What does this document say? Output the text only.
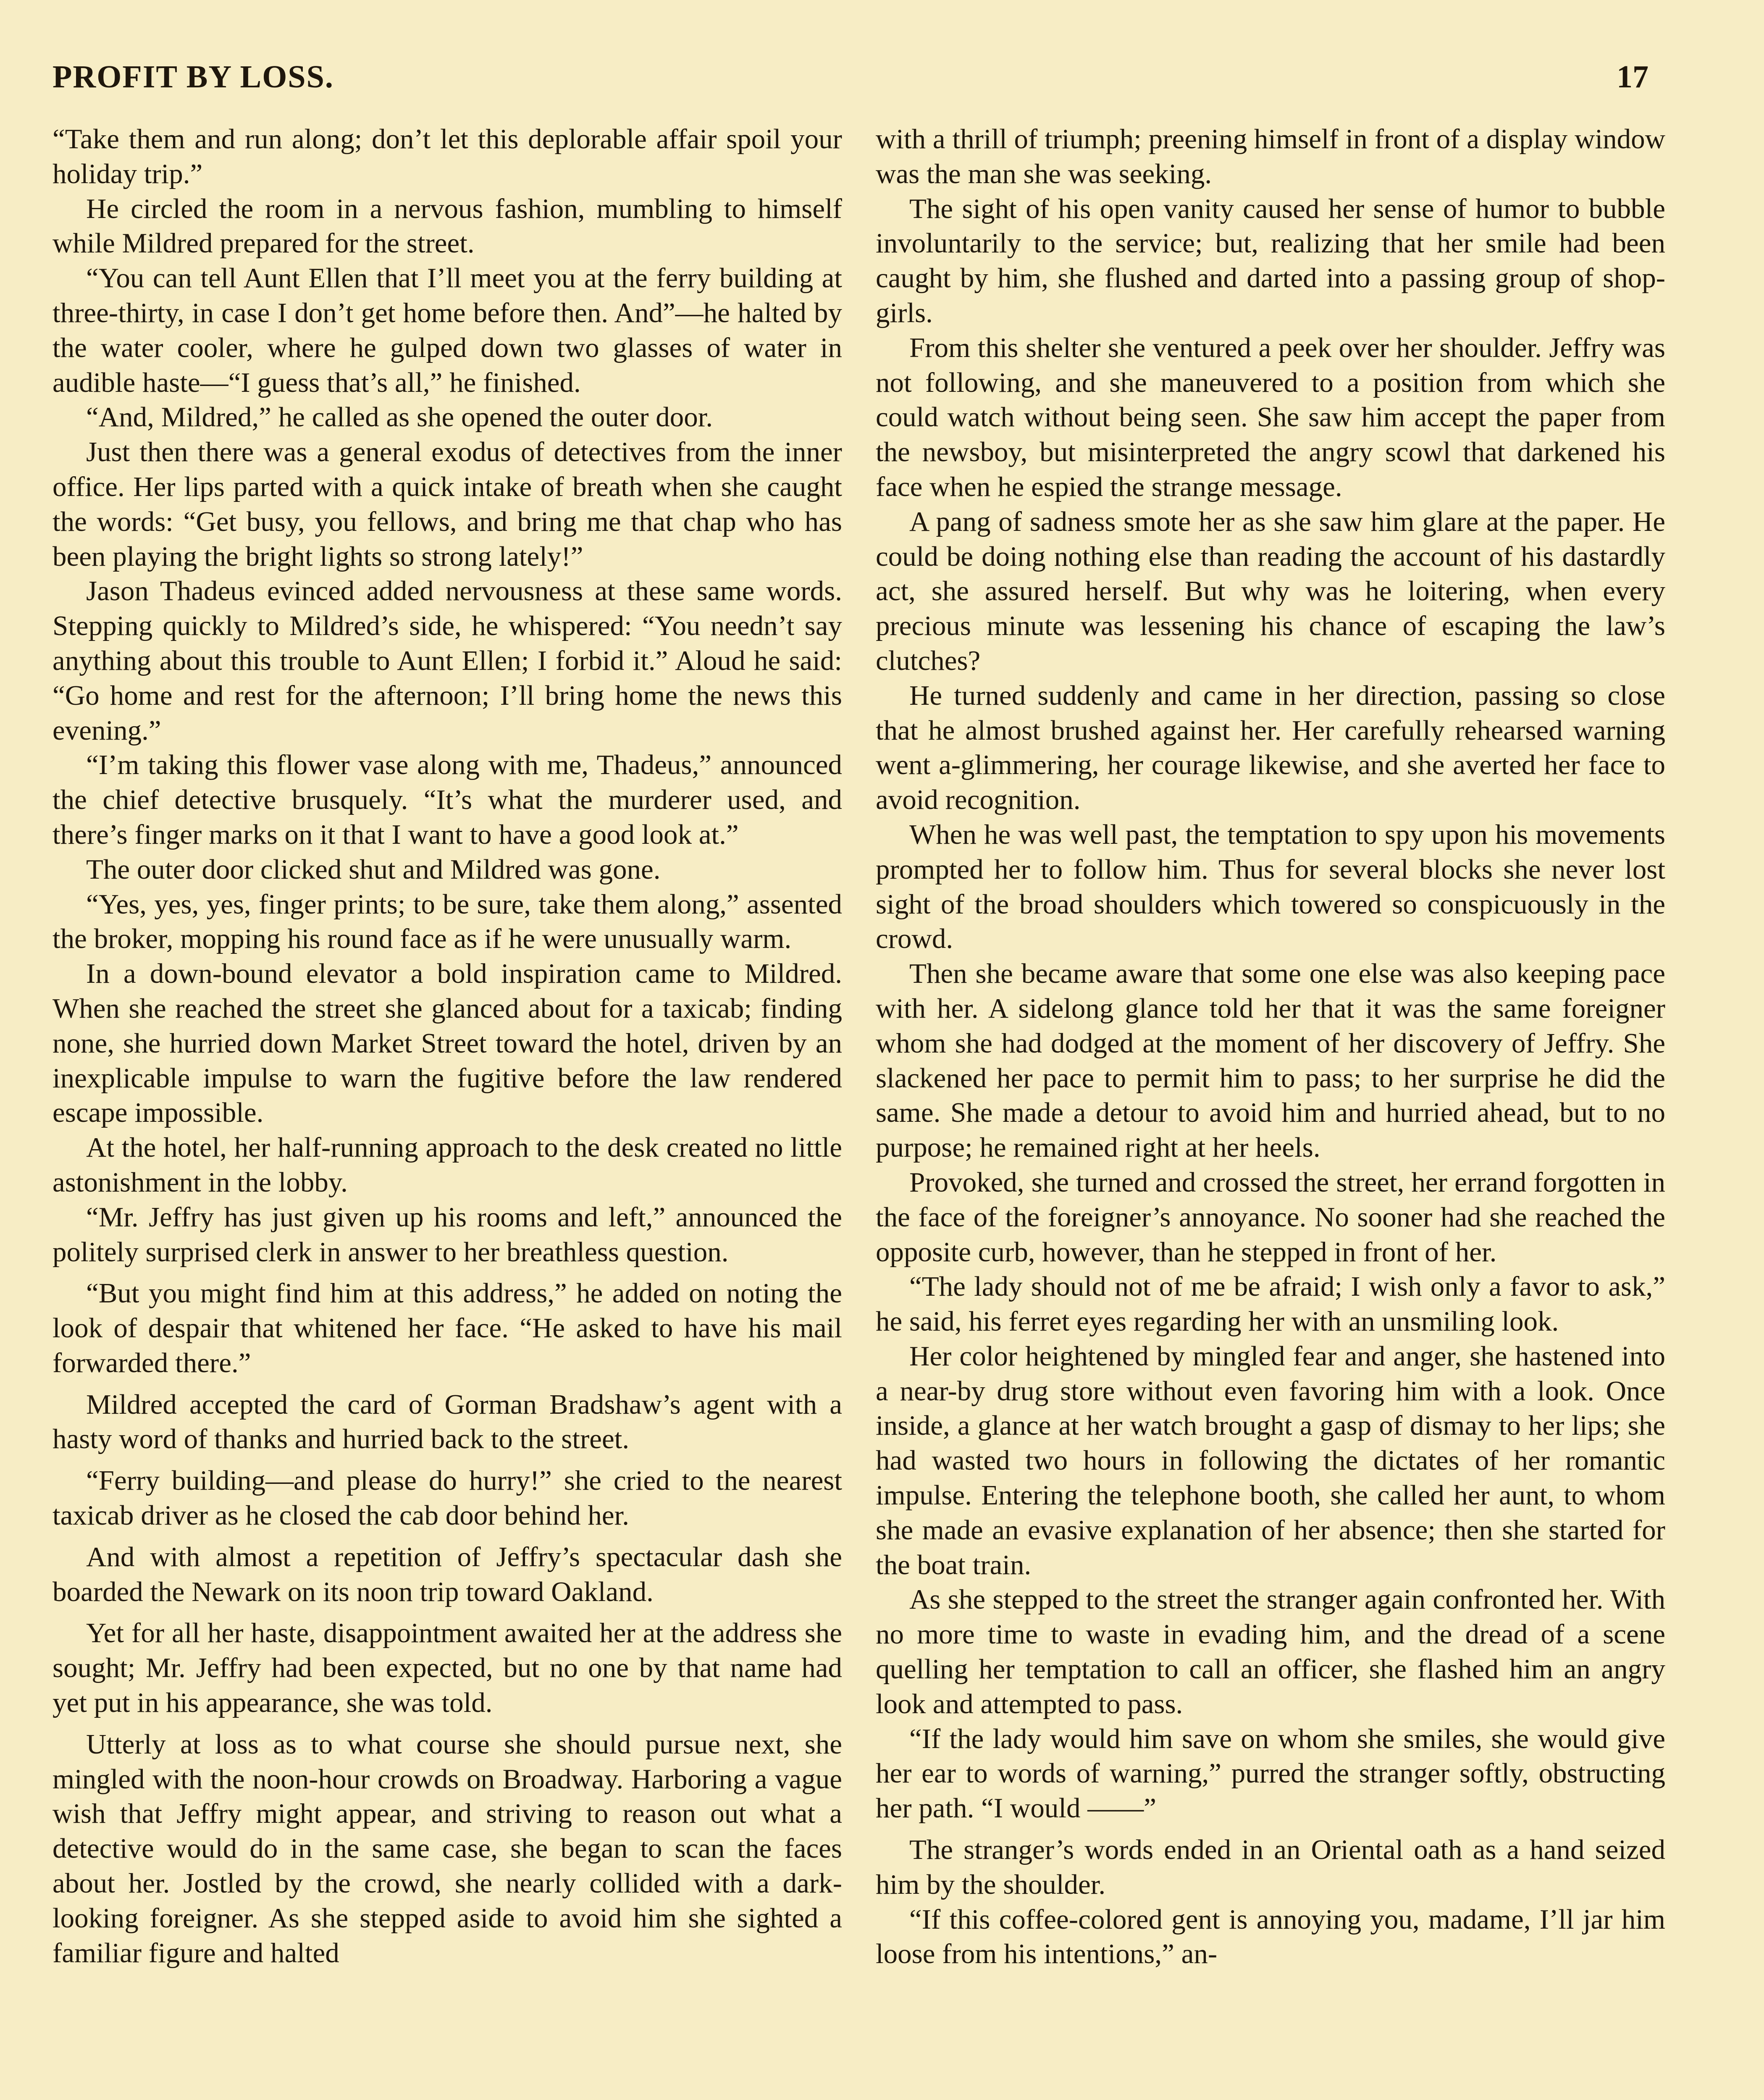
PROFIT BY LOSS.	17

“Take them and run along; don’t let this deplorable affair spoil your holiday trip.”

He circled the room in a nervous fashion, mumbling to himself while Mildred prepared for the street.

“You can tell Aunt Ellen that I’ll meet you at the ferry building at three-thirty, in case I don’t get home before then. And”—he halted by the water cooler, where he gulped down two glasses of water in audible haste—“I guess that’s all,” he finished.

“And, Mildred,” he called as she opened the outer door.

Just then there was a general exodus of detectives from the inner office. Her lips parted with a quick intake of breath when she caught the words: “Get busy, you fellows, and bring me that chap who has been playing the bright lights so strong lately!”

Jason Thadeus evinced added nervousness at these same words. Stepping quickly to Mildred’s side, he whispered: “You needn’t say anything about this trouble to Aunt Ellen; I forbid it.” Aloud he said: “Go home and rest for the afternoon; I’ll bring home the news this evening.”

“I’m taking this flower vase along with me, Thadeus,” announced the chief detective brusquely. “It’s what the murderer used, and there’s finger marks on it that I want to have a good look at.”

The outer door clicked shut and Mildred was gone.

“Yes, yes, yes, finger prints; to be sure, take them along,” assented the broker, mopping his round face as if he were unusually warm.

In a down-bound elevator a bold inspiration came to Mildred. When she reached the street she glanced about for a taxicab; finding none, she hurried down Market Street toward the hotel, driven by an inexplicable impulse to warn the fugitive before the law rendered escape impossible.

At the hotel, her half-running approach to the desk created no little astonishment in the lobby.

“Mr. Jeffry has just given up his rooms and left,” announced the politely surprised clerk in answer to her breathless question.

“But you might find him at this address,” he added on noting the look of despair that whitened her face. “He asked to have his mail forwarded there.”

Mildred accepted the card of Gorman Bradshaw’s agent with a hasty word of thanks and hurried back to the street.

“Ferry building—and please do hurry!” she cried to the nearest taxicab driver as he closed the cab door behind her.

And with almost a repetition of Jeffry’s spectacular dash she boarded the Newark on its noon trip toward Oakland.

Yet for all her haste, disappointment awaited her at the address she sought; Mr. Jeffry had been expected, but no one by that name had yet put in his appearance, she was told.

Utterly at loss as to what course she should pursue next, she mingled with the noon-hour crowds on Broadway. Harboring a vague wish that Jeffry might appear, and striving to reason out what a detective would do in the same case, she began to scan the faces about her. Jostled by the crowd, she nearly collided with a dark-looking foreigner. As she stepped aside to avoid him she sighted a familiar figure and halted

with a thrill of triumph; preening himself in front of a display window was the man she was seeking.

The sight of his open vanity caused her sense of humor to bubble involuntarily to the service; but, realizing that her smile had been caught by him, she flushed and darted into a passing group of shop-girls.

From this shelter she ventured a peek over her shoulder. Jeffry was not following, and she maneuvered to a position from which she could watch without being seen. She saw him accept the paper from the newsboy, but misinterpreted the angry scowl that darkened his face when he espied the strange message.

A pang of sadness smote her as she saw him glare at the paper. He could be doing nothing else than reading the account of his dastardly act, she assured herself. But why was he loitering, when every precious minute was lessening his chance of escaping the law’s clutches?

He turned suddenly and came in her direction, passing so close that he almost brushed against her. Her carefully rehearsed warning went a-glimmering, her courage likewise, and she averted her face to avoid recognition.

When he was well past, the temptation to spy upon his movements prompted her to follow him. Thus for several blocks she never lost sight of the broad shoulders which towered so conspicuously in the crowd.

Then she became aware that some one else was also keeping pace with her. A sidelong glance told her that it was the same foreigner whom she had dodged at the moment of her discovery of Jeffry. She slackened her pace to permit him to pass; to her surprise he did the same. She made a detour to avoid him and hurried ahead, but to no purpose; he remained right at her heels.

Provoked, she turned and crossed the street, her errand forgotten in the face of the foreigner’s annoyance. No sooner had she reached the opposite curb, however, than he stepped in front of her.

“The lady should not of me be afraid; I wish only a favor to ask,” he said, his ferret eyes regarding her with an unsmiling look.

Her color heightened by mingled fear and anger, she hastened into a near-by drug store without even favoring him with a look. Once inside, a glance at her watch brought a gasp of dismay to her lips; she had wasted two hours in following the dictates of her romantic impulse. Entering the telephone booth, she called her aunt, to whom she made an evasive explanation of her absence; then she started for the boat train.

As she stepped to the street the stranger again confronted her. With no more time to waste in evading him, and the dread of a scene quelling her temptation to call an officer, she flashed him an angry look and attempted to pass.

“If the lady would him save on whom she smiles, she would give her ear to words of warning,” purred the stranger softly, obstructing her path. “I would ——”

The stranger’s words ended in an Oriental oath as a hand seized him by the shoulder.

“If this coffee-colored gent is annoying you, madame, I’ll jar him loose from his intentions,” an-
